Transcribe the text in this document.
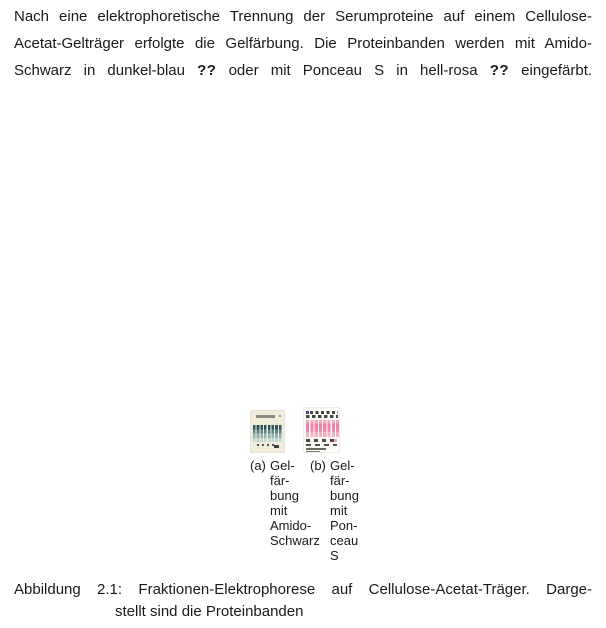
Nach eine elektrophoretische Trennung der Serumproteine auf einem Cellulose-
Acetat-Gelträger erfolgte die Gelfärbung. Die Proteinbanden werden mit Amido-
Schwarz in dunkel-blau ?? oder mit Ponceau S in hell-rosa ?? eingefärbt.
(a) Gel-
fär-
bung
mit
Amido-
Schwarz
(b) Gel-
fär-
bung
mit
Pon-
ceau
S
Abbildung 2.1: Fraktionen-Elektrophorese auf Cellulose-Acetat-Träger. Darge-
stellt sind die Proteinbanden
